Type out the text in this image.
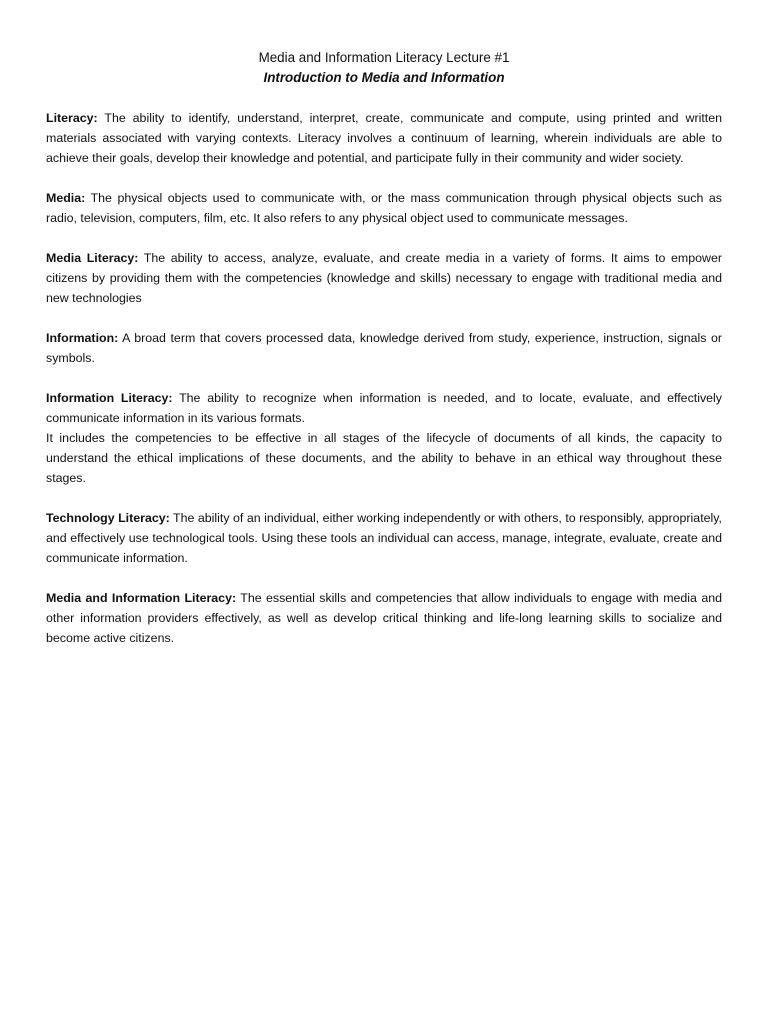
Media and Information Literacy Lecture #1

Introduction to Media and Information

Literacy: The ability to identify, understand, interpret, create, communicate and compute, using printed and written materials associated with varying contexts. Literacy involves a continuum of learning, wherein individuals are able to achieve their goals, develop their knowledge and potential, and participate fully in their community and wider society.

Media: The physical objects used to communicate with, or the mass communication through physical objects such as radio, television, computers, film, etc. It also refers to any physical object used to communicate messages.

Media Literacy: The ability to access, analyze, evaluate, and create media in a variety of forms. It aims to empower citizens by providing them with the competencies (knowledge and skills) necessary to engage with traditional media and new technologies

Information: A broad term that covers processed data, knowledge derived from study, experience, instruction, signals or symbols.

Information Literacy: The ability to recognize when information is needed, and to locate, evaluate, and effectively communicate information in its various formats.
It includes the competencies to be effective in all stages of the lifecycle of documents of all kinds, the capacity to understand the ethical implications of these documents, and the ability to behave in an ethical way throughout these stages.

Technology Literacy: The ability of an individual, either working independently or with others, to responsibly, appropriately, and effectively use technological tools. Using these tools an individual can access, manage, integrate, evaluate, create and communicate information.

Media and Information Literacy: The essential skills and competencies that allow individuals to engage with media and other information providers effectively, as well as develop critical thinking and life-long learning skills to socialize and become active citizens.
